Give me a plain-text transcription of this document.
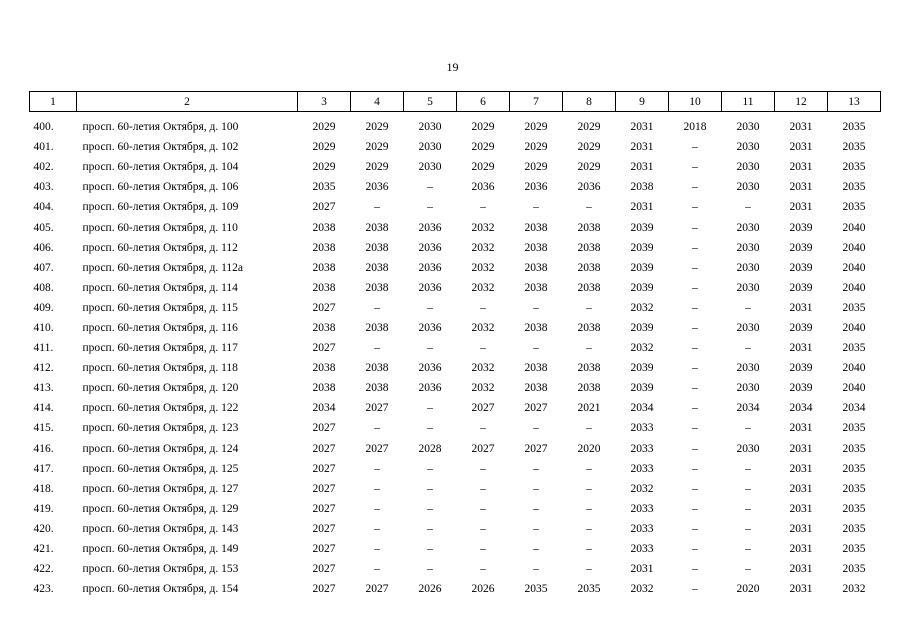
19
1	2	3	4	5	6	7	8	9	10	11	12	13
400.	просп. 60-летия Октября, д. 100	2029	2029	2030	2029	2029	2029	2031	2018	2030	2031	2035
401.	просп. 60-летия Октября, д. 102	2029	2029	2030	2029	2029	2029	2031	–	2030	2031	2035
402.	просп. 60-летия Октября, д. 104	2029	2029	2030	2029	2029	2029	2031	–	2030	2031	2035
403.	просп. 60-летия Октября, д. 106	2035	2036	–	2036	2036	2036	2038	–	2030	2031	2035
404.	просп. 60-летия Октября, д. 109	2027	–	–	–	–	–	2031	–	–	2031	2035
405.	просп. 60-летия Октября, д. 110	2038	2038	2036	2032	2038	2038	2039	–	2030	2039	2040
406.	просп. 60-летия Октября, д. 112	2038	2038	2036	2032	2038	2038	2039	–	2030	2039	2040
407.	просп. 60-летия Октября, д. 112а	2038	2038	2036	2032	2038	2038	2039	–	2030	2039	2040
408.	просп. 60-летия Октября, д. 114	2038	2038	2036	2032	2038	2038	2039	–	2030	2039	2040
409.	просп. 60-летия Октября, д. 115	2027	–	–	–	–	–	2032	–	–	2031	2035
410.	просп. 60-летия Октября, д. 116	2038	2038	2036	2032	2038	2038	2039	–	2030	2039	2040
411.	просп. 60-летия Октября, д. 117	2027	–	–	–	–	–	2032	–	–	2031	2035
412.	просп. 60-летия Октября, д. 118	2038	2038	2036	2032	2038	2038	2039	–	2030	2039	2040
413.	просп. 60-летия Октября, д. 120	2038	2038	2036	2032	2038	2038	2039	–	2030	2039	2040
414.	просп. 60-летия Октября, д. 122	2034	2027	–	2027	2027	2021	2034	–	2034	2034	2034
415.	просп. 60-летия Октября, д. 123	2027	–	–	–	–	–	2033	–	–	2031	2035
416.	просп. 60-летия Октября, д. 124	2027	2027	2028	2027	2027	2020	2033	–	2030	2031	2035
417.	просп. 60-летия Октября, д. 125	2027	–	–	–	–	–	2033	–	–	2031	2035
418.	просп. 60-летия Октября, д. 127	2027	–	–	–	–	–	2032	–	–	2031	2035
419.	просп. 60-летия Октября, д. 129	2027	–	–	–	–	–	2033	–	–	2031	2035
420.	просп. 60-летия Октября, д. 143	2027	–	–	–	–	–	2033	–	–	2031	2035
421.	просп. 60-летия Октября, д. 149	2027	–	–	–	–	–	2033	–	–	2031	2035
422.	просп. 60-летия Октября, д. 153	2027	–	–	–	–	–	2031	–	–	2031	2035
423.	просп. 60-летия Октября, д. 154	2027	2027	2026	2026	2035	2035	2032	–	2020	2031	2032
